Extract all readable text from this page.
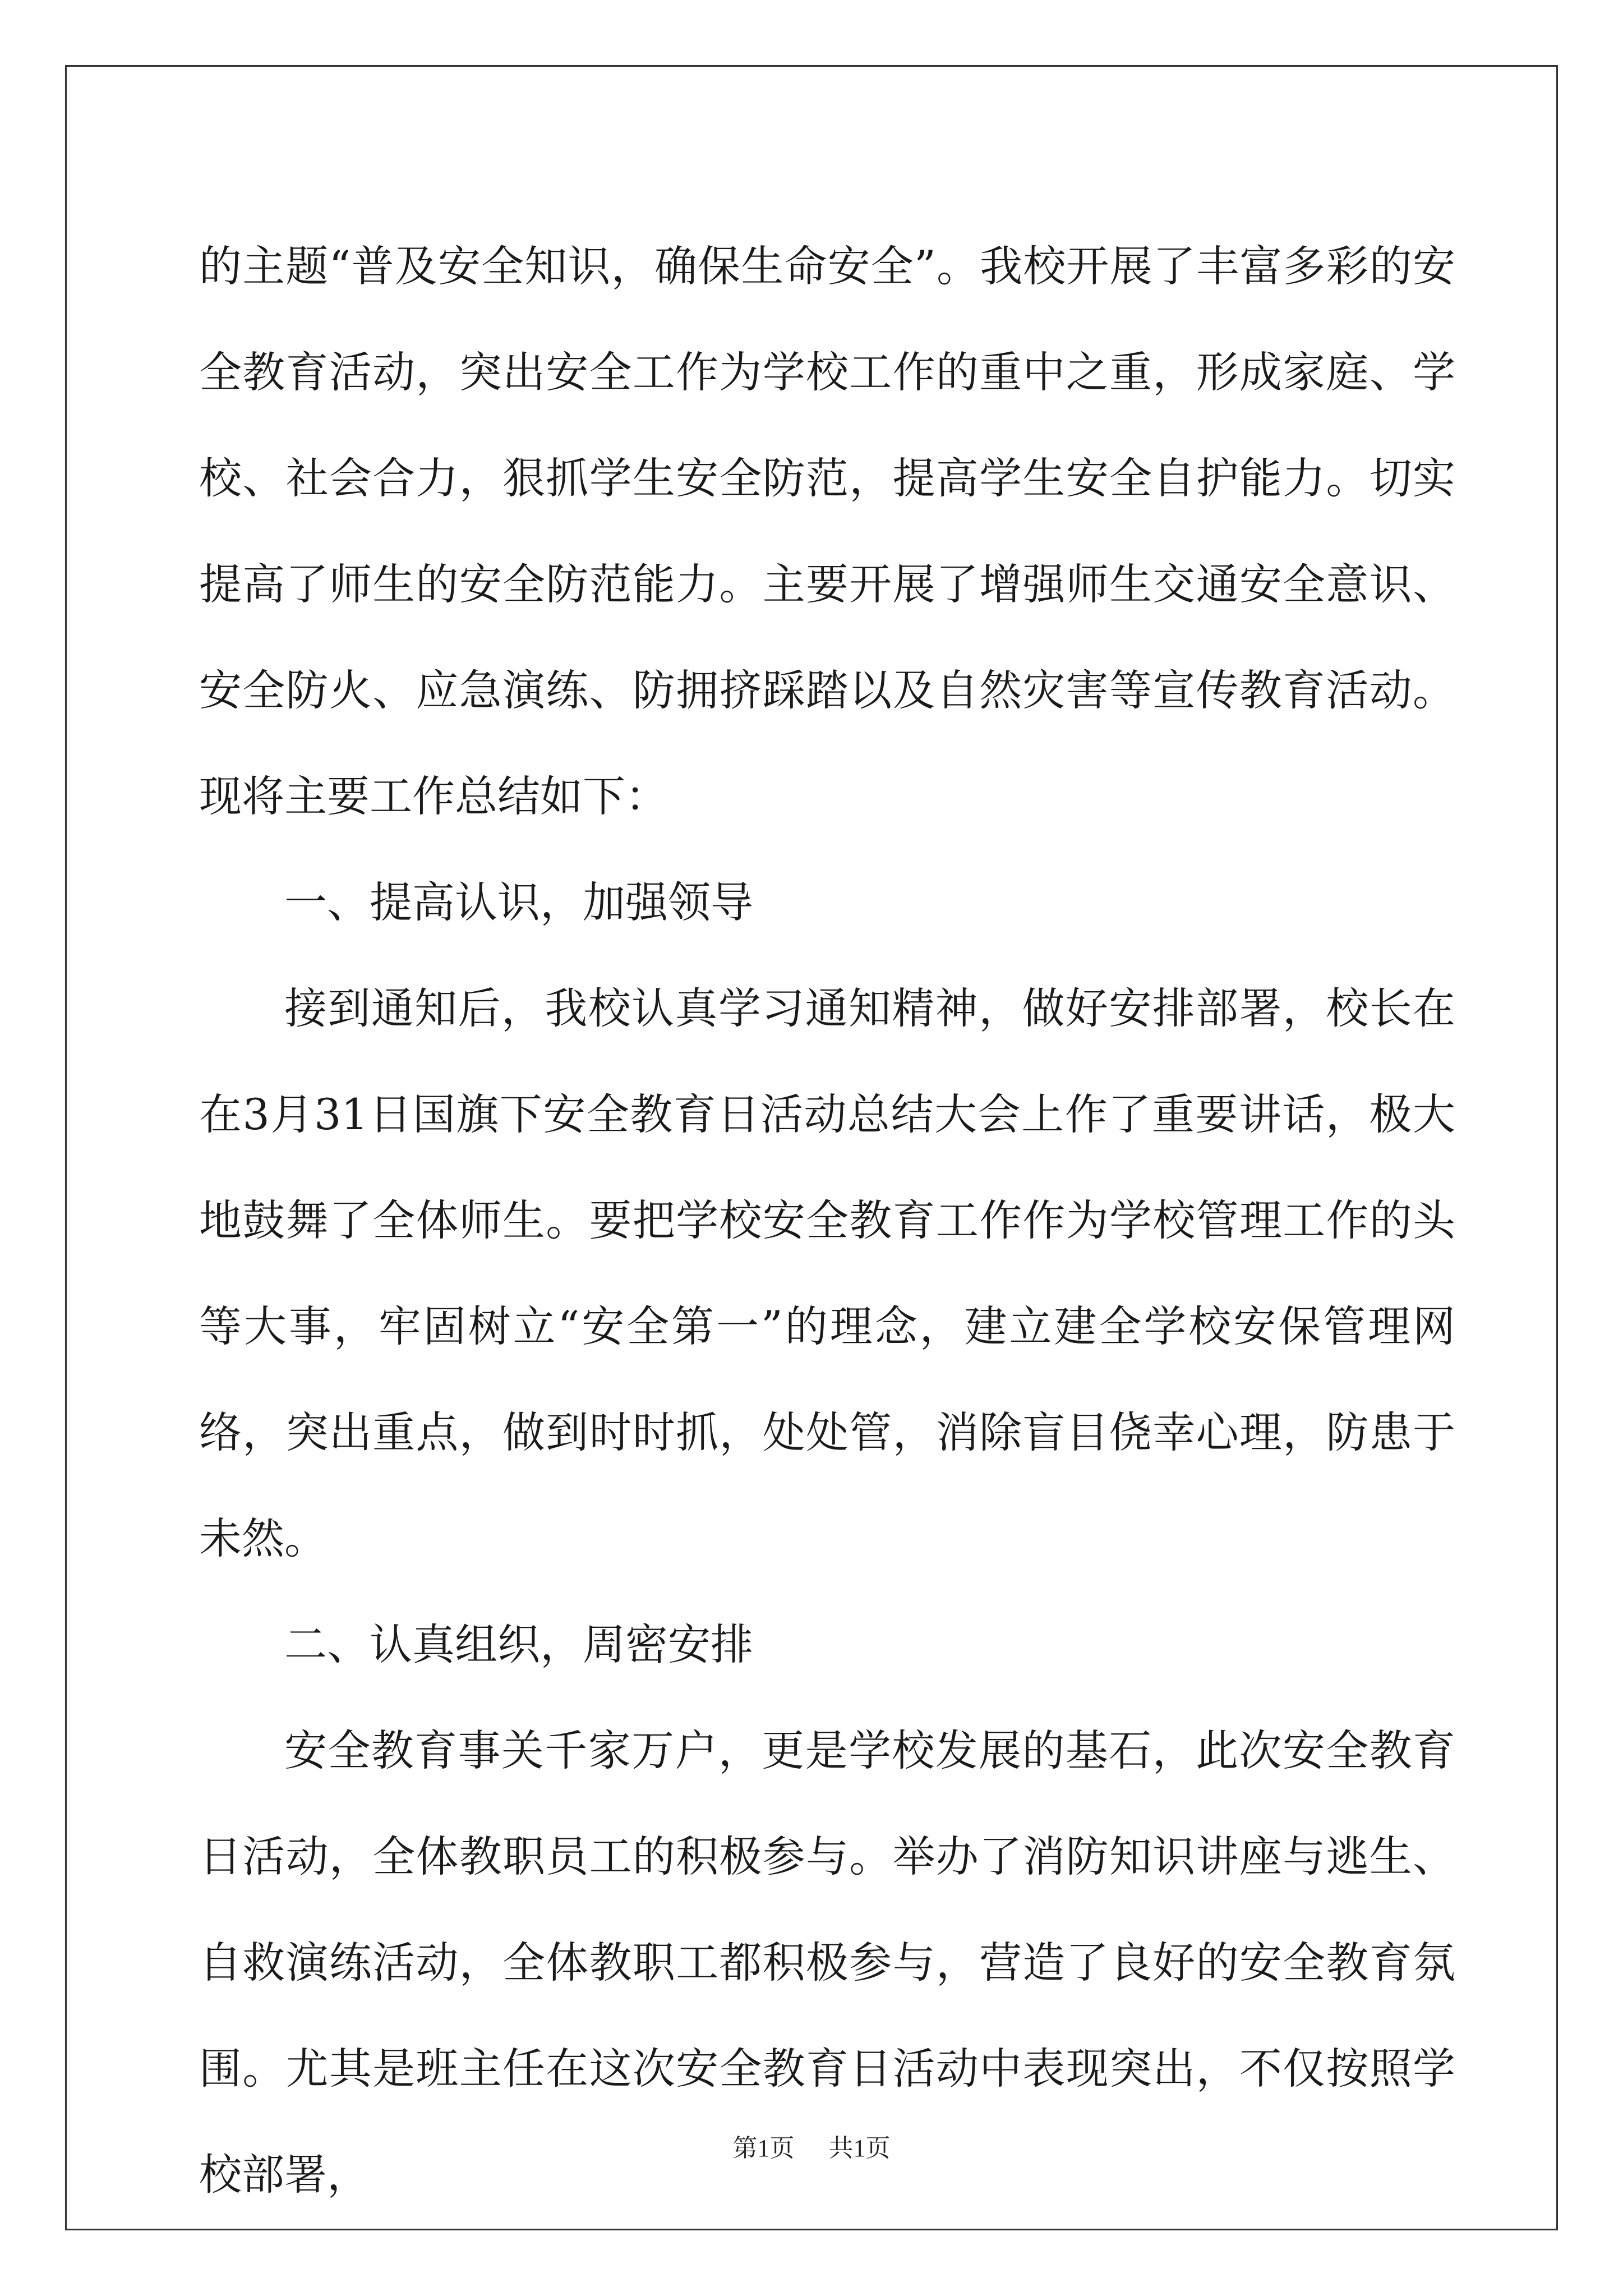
的主题“普及安全知识，确保生命安全”。我校开展了丰富多彩的安全教育活动，突出安全工作为学校工作的重中之重，形成家庭、学校、社会合力，狠抓学生安全防范，提高学生安全自护能力。切实提高了师生的安全防范能力。主要开展了增强师生交通安全意识、安全防火、应急演练、防拥挤踩踏以及自然灾害等宣传教育活动。现将主要工作总结如下：

一、提高认识，加强领导

接到通知后，我校认真学习通知精神，做好安排部署，校长在在3月31日国旗下安全教育日活动总结大会上作了重要讲话，极大地鼓舞了全体师生。要把学校安全教育工作作为学校管理工作的头等大事，牢固树立“安全第一”的理念，建立建全学校安保管理网络，突出重点，做到时时抓，处处管，消除盲目侥幸心理，防患于未然。

二、认真组织，周密安排

安全教育事关千家万户，更是学校发展的基石，此次安全教育日活动，全体教职员工的积极参与。举办了消防知识讲座与逃生、自救演练活动，全体教职工都积极参与，营造了良好的安全教育氛围。尤其是班主任在这次安全教育日活动中表现突出，不仅按照学校部署，

第1页 共1页
